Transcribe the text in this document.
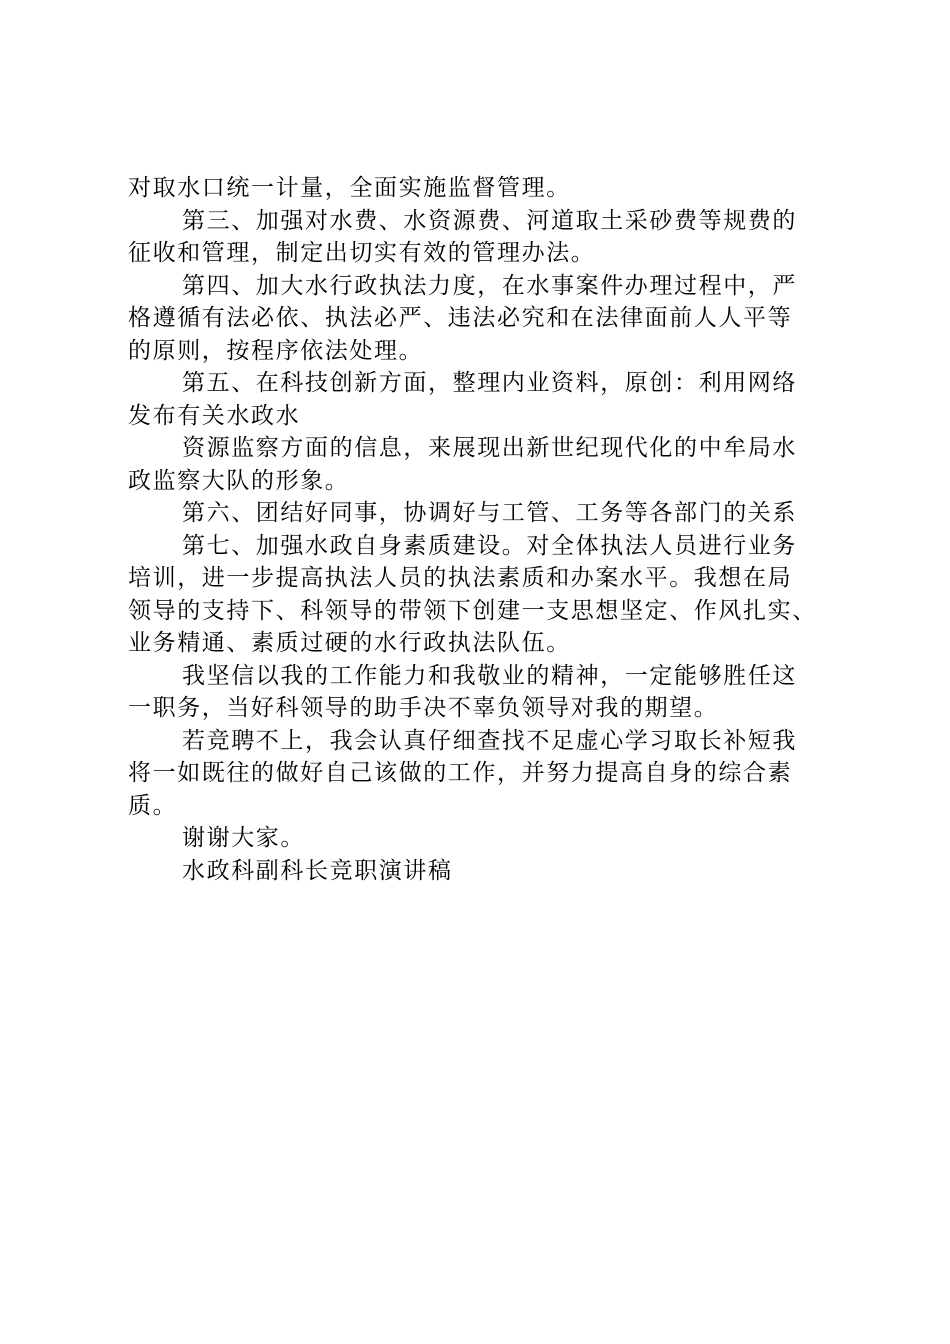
对取水口统一计量，全面实施监督管理。
第三、加强对水费、水资源费、河道取土采砂费等规费的
征收和管理，制定出切实有效的管理办法。
第四、加大水行政执法力度，在水事案件办理过程中，严
格遵循有法必依、执法必严、违法必究和在法律面前人人平等
的原则，按程序依法处理。
第五、在科技创新方面，整理内业资料，原创：利用网络
发布有关水政水
资源监察方面的信息，来展现出新世纪现代化的中牟局水
政监察大队的形象。
第六、团结好同事，协调好与工管、工务等各部门的关系
第七、加强水政自身素质建设。对全体执法人员进行业务
培训，进一步提高执法人员的执法素质和办案水平。我想在局
领导的支持下、科领导的带领下创建一支思想坚定、作风扎实、
业务精通、素质过硬的水行政执法队伍。
我坚信以我的工作能力和我敬业的精神，一定能够胜任这
一职务，当好科领导的助手决不辜负领导对我的期望。
若竞聘不上，我会认真仔细查找不足虚心学习取长补短我
将一如既往的做好自己该做的工作，并努力提高自身的综合素
质。
谢谢大家。
水政科副科长竞职演讲稿
